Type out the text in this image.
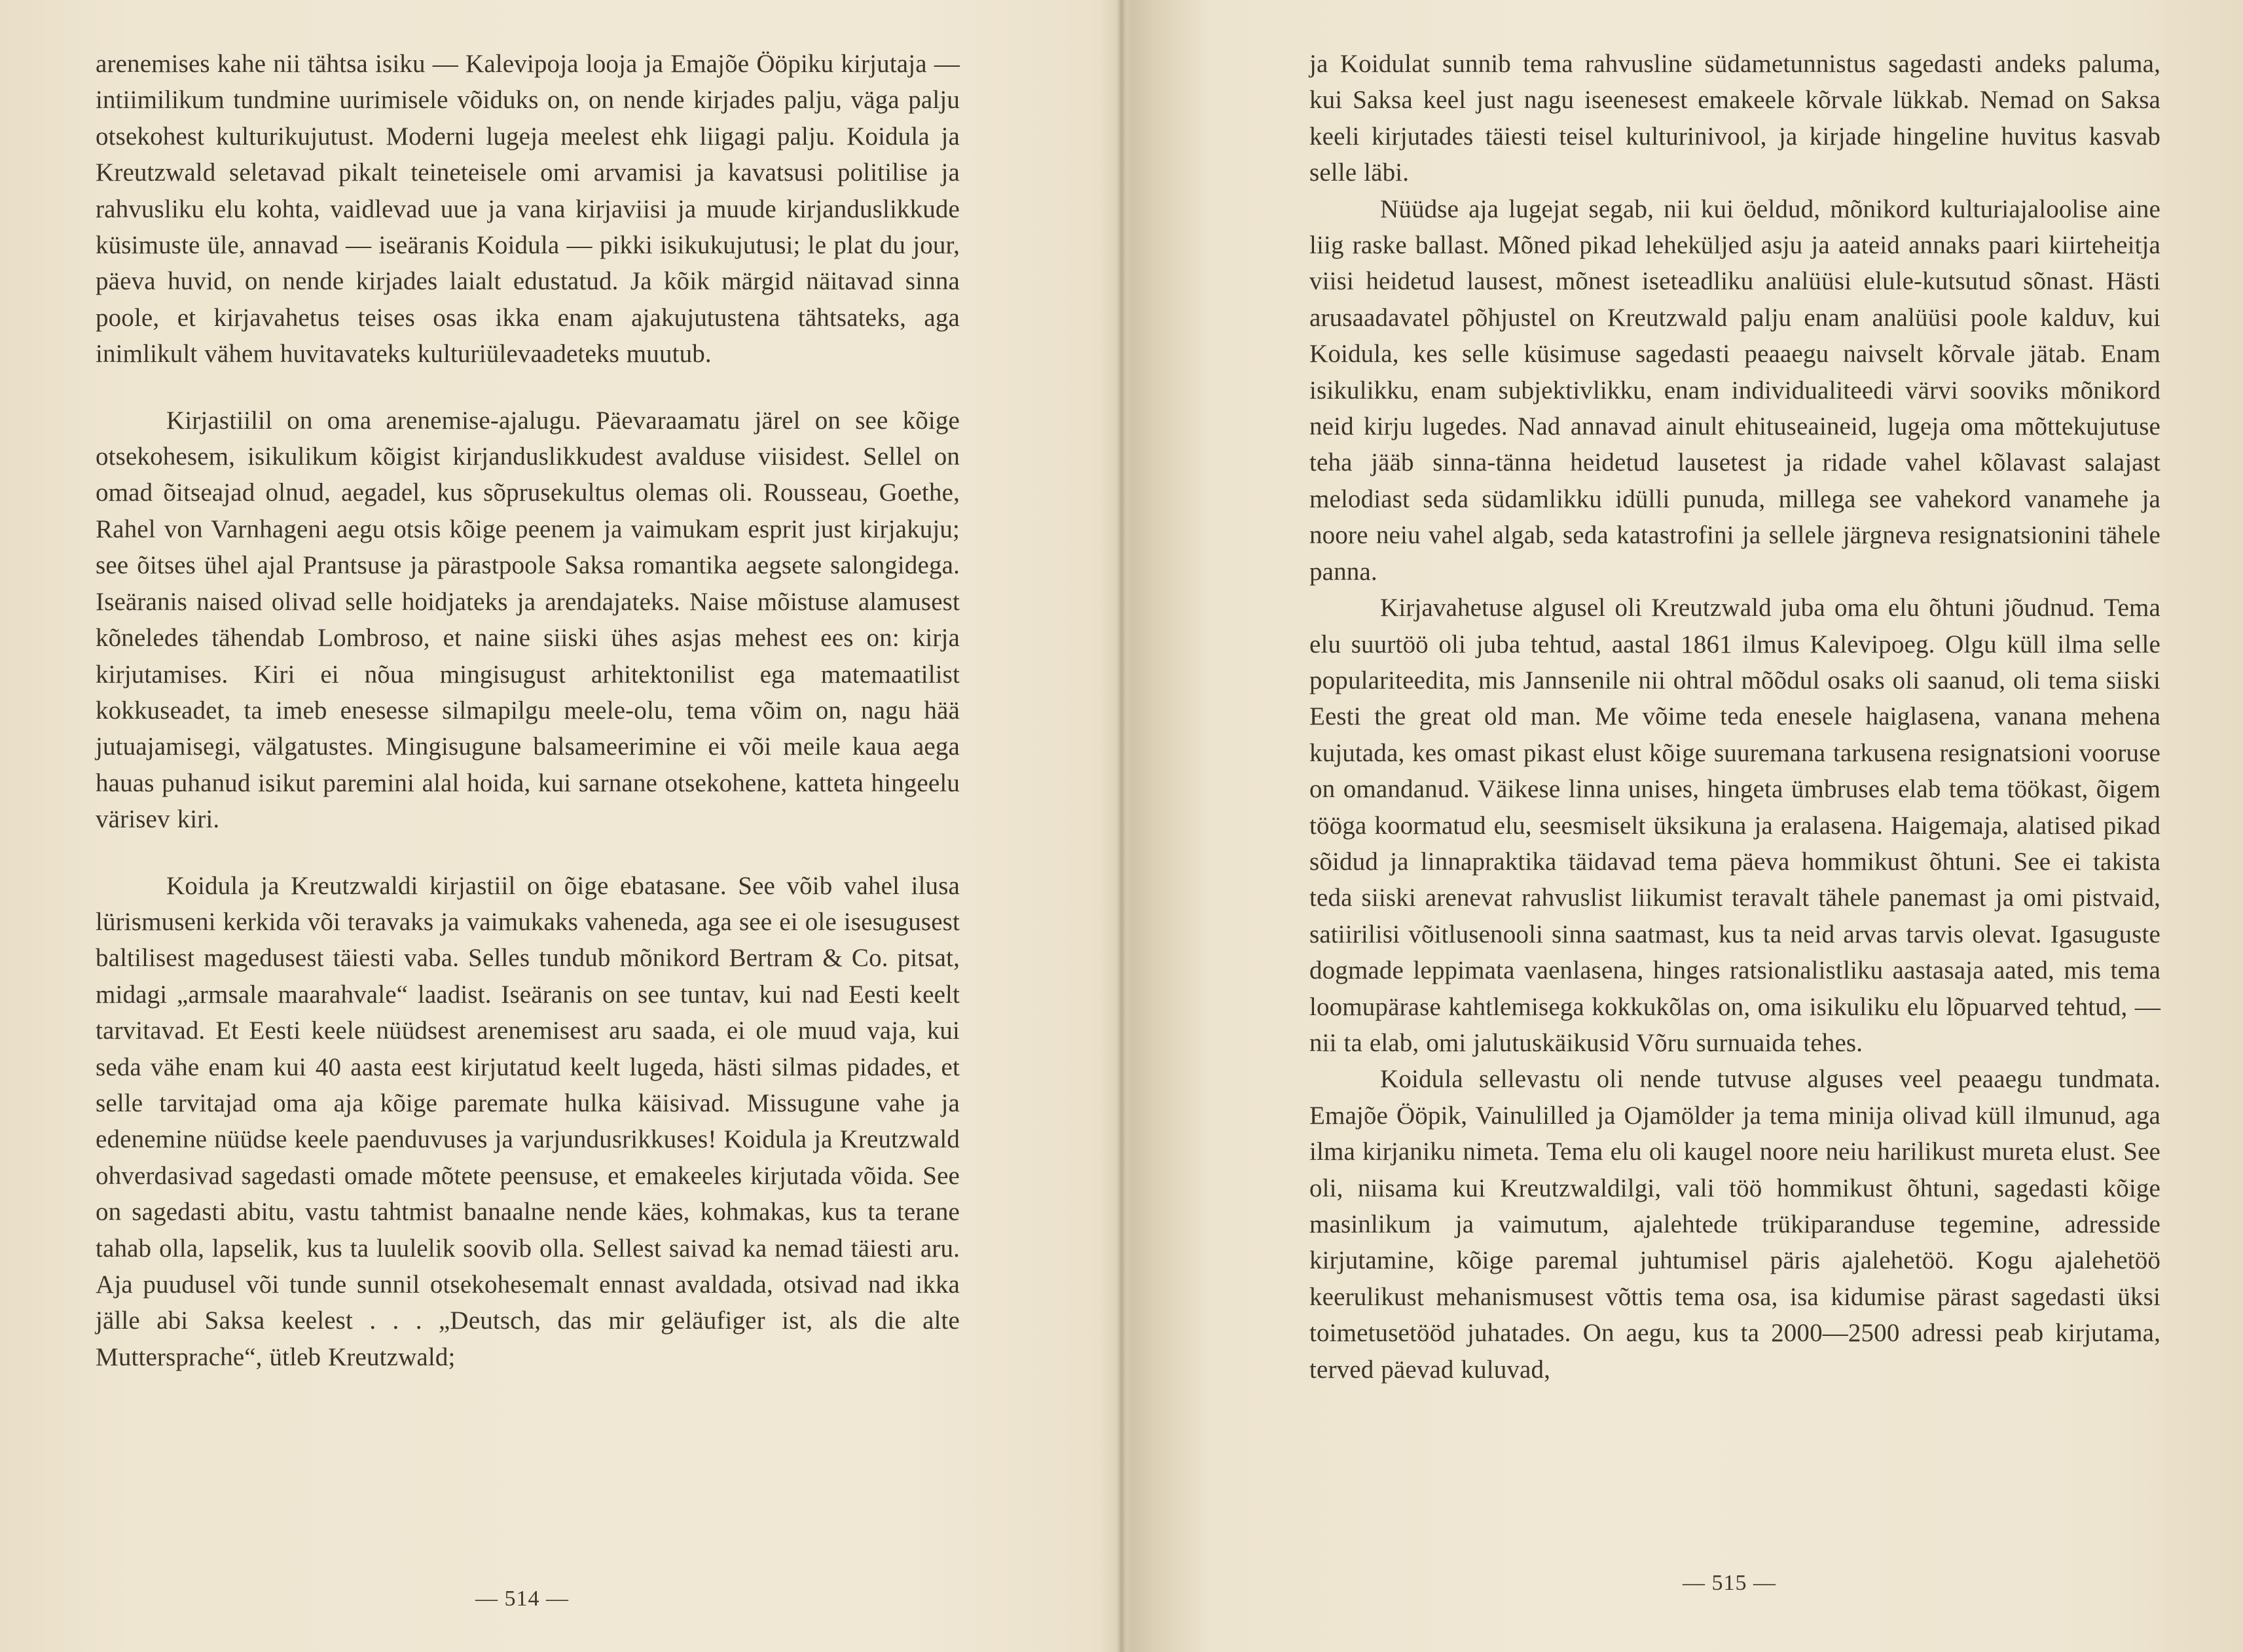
arenemises kahe nii tähtsa isiku — Kalevipoja looja ja Emajõe Ööpiku kirjutaja — intiimilikum tundmine uurimisele võiduks on, on nende kirjades palju, väga palju otsekohest kulturikujutust. Moderni lugeja meelest ehk liigagi palju. Koidula ja Kreutzwald seletavad pikalt teineteisele omi arvamisi ja kavatsusi politilise ja rahvusliku elu kohta, vaidlevad uue ja vana kirjaviisi ja muude kirjanduslikkude küsimuste üle, annavad — iseäranis Koidula — pikki isikukujutusi; le plat du jour, päeva huvid, on nende kirjades laialt edustatud. Ja kõik märgid näitavad sinna poole, et kirjavahetus teises osas ikka enam ajakujutustena tähtsateks, aga inimlikult vähem huvitavateks kulturiülevaadeteks muutub.

Kirjastiilil on oma arenemise-ajalugu. Päevaraamatu järel on see kõige otsekohesem, isikulikum kõigist kirjanduslikkudest avalduse viisidest. Sellel on omad õitseajad olnud, aegadel, kus sõprusekultus olemas oli. Rousseau, Goethe, Rahel von Varnhageni aegu otsis kõige peenem ja vaimukam esprit just kirjakuju; see õitses ühel ajal Prantsuse ja pärastpoole Saksa romantika aegsete salongidega. Iseäranis naised olivad selle hoidjateks ja arendajateks. Naise mõistuse alamusest kõneledes tähendab Lombroso, et naine siiski ühes asjas mehest ees on: kirja kirjutamises. Kiri ei nõua mingisugust arhitektonilist ega matemaatilist kokkuseadet, ta imeb enesesse silmapilgu meele-olu, tema võim on, nagu hää jutuajamisegi, välgatustes. Mingisugune balsameerimine ei või meile kaua aega hauas puhanud isikut paremini alal hoida, kui sarnane otsekohene, katteta hingeelu värisev kiri.

Koidula ja Kreutzwaldi kirjastiil on õige ebatasane. See võib vahel ilusa lürismuseni kerkida või teravaks ja vaimukaks vaheneda, aga see ei ole isesugusest baltilisest magedusest täiesti vaba. Selles tundub mõnikord Bertram & Co. pitsat, midagi „armsale maarahvale“ laadist. Iseäranis on see tuntav, kui nad Eesti keelt tarvitavad. Et Eesti keele nüüdsest arenemisest aru saada, ei ole muud vaja, kui seda vähe enam kui 40 aasta eest kirjutatud keelt lugeda, hästi silmas pidades, et selle tarvitajad oma aja kõige paremate hulka käisivad. Missugune vahe ja edenemine nüüdse keele paenduvuses ja varjundusrikkuses! Koidula ja Kreutzwald ohverdasivad sagedasti omade mõtete peensuse, et emakeeles kirjutada võida. See on sagedasti abitu, vastu tahtmist banaalne nende käes, kohmakas, kus ta terane tahab olla, lapselik, kus ta luulelik soovib olla. Sellest saivad ka nemad täiesti aru. Aja puudusel või tunde sunnil otsekohesemalt ennast avaldada, otsivad nad ikka jälle abi Saksa keelest . . . „Deutsch, das mir geläufiger ist, als die alte Muttersprache“, ütleb Kreutzwald;

— 514 —

ja Koidulat sunnib tema rahvusline südametunnistus sagedasti andeks paluma, kui Saksa keel just nagu iseenesest emakeele kõrvale lükkab. Nemad on Saksa keeli kirjutades täiesti teisel kulturinivool, ja kirjade hingeline huvitus kasvab selle läbi.

Nüüdse aja lugejat segab, nii kui öeldud, mõnikord kulturiajaloolise aine liig raske ballast. Mõned pikad leheküljed asju ja aateid annaks paari kiirteheitja viisi heidetud lausest, mõnest iseteadliku analüüsi elule-kutsutud sõnast. Hästi arusaadavatel põhjustel on Kreutzwald palju enam analüüsi poole kalduv, kui Koidula, kes selle küsimuse sagedasti peaaegu naivselt kõrvale jätab. Enam isikulikku, enam subjektivlikku, enam individualiteedi värvi sooviks mõnikord neid kirju lugedes. Nad annavad ainult ehituseaineid, lugeja oma mõttekujutuse teha jääb sinna-tänna heidetud lausetest ja ridade vahel kõlavast salajast melodiast seda südamlikku idülli punuda, millega see vahekord vanamehe ja noore neiu vahel algab, seda katastrofini ja sellele järgneva resignatsionini tähele panna.

Kirjavahetuse algusel oli Kreutzwald juba oma elu õhtuni jõudnud. Tema elu suurtöö oli juba tehtud, aastal 1861 ilmus Kalevipoeg. Olgu küll ilma selle populariteedita, mis Jannsenile nii ohtral mõõdul osaks oli saanud, oli tema siiski Eesti the great old man. Me võime teda enesele haiglasena, vanana mehena kujutada, kes omast pikast elust kõige suuremana tarkusena resignatsioni vooruse on omandanud. Väikese linna unises, hingeta ümbruses elab tema töökast, õigem tööga koormatud elu, seesmiselt üksikuna ja eralasena. Haigemaja, alatised pikad sõidud ja linnapraktika täidavad tema päeva hommikust õhtuni. See ei takista teda siiski arenevat rahvuslist liikumist teravalt tähele panemast ja omi pistvaid, satiirilisi võitlusenooli sinna saatmast, kus ta neid arvas tarvis olevat. Igasuguste dogmade leppimata vaenlasena, hinges ratsionalistliku aastasaja aated, mis tema loomupärase kahtlemisega kokkukõlas on, oma isikuliku elu lõpuarved tehtud, — nii ta elab, omi jalutuskäikusid Võru surnuaida tehes.

Koidula sellevastu oli nende tutvuse alguses veel peaaegu tundmata. Emajõe Ööpik, Vainulilled ja Ojamölder ja tema minija olivad küll ilmunud, aga ilma kirjaniku nimeta. Tema elu oli kaugel noore neiu harilikust mureta elust. See oli, niisama kui Kreutzwaldilgi, vali töö hommikust õhtuni, sagedasti kõige masinlikum ja vaimutum, ajalehtede trükiparanduse tegemine, adresside kirjutamine, kõige paremal juhtumisel päris ajalehetöö. Kogu ajalehetöö keerulikust mehanismusest võttis tema osa, isa kidumise pärast sagedasti üksi toimetusetööd juhatades. On aegu, kus ta 2000—2500 adressi peab kirjutama, terved päevad kuluvad,

— 515 —
